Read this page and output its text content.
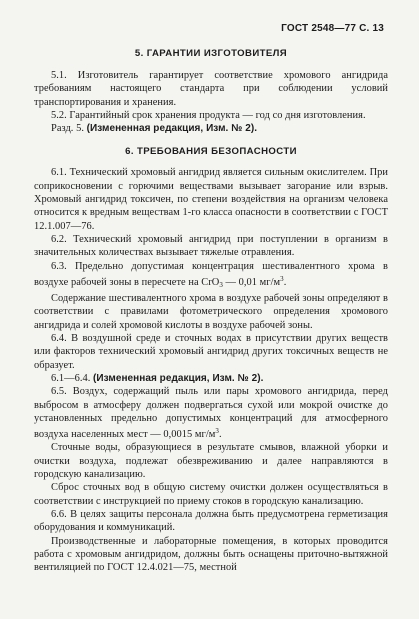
ГОСТ 2548—77 С. 13
5. ГАРАНТИИ ИЗГОТОВИТЕЛЯ

5.1. Изготовитель гарантирует соответствие хромового ангидрида требованиям настоящего стандарта при соблюдении условий транспортирования и хранения.

5.2. Гарантийный срок хранения продукта — год со дня изготовления.

Разд. 5. (Измененная редакция, Изм. № 2).

6. ТРЕБОВАНИЯ БЕЗОПАСНОСТИ

6.1. Технический хромовый ангидрид является сильным окислителем. При соприкосновении с горючими веществами вызывает загорание или взрыв. Хромовый ангидрид токсичен, по степени воздействия на организм человека относится к вредным веществам 1-го класса опасности в соответствии с ГОСТ 12.1.007—76.

6.2. Технический хромовый ангидрид при поступлении в организм в значительных количествах вызывает тяжелые отравления.

6.3. Предельно допустимая концентрация шестивалентного хрома в воздухе рабочей зоны в пересчете на CrO$_3$ — 0,01 $мг/м^3$.

Содержание шестивалентного хрома в воздухе рабочей зоны определяют в соответствии с правилами фотометрического определения хромового ангидрида и солей хромовой кислоты в воздухе рабочей зоны.

6.4. В воздушной среде и сточных водах в присутствии других веществ или факторов технический хромовый ангидрид других токсичных веществ не образует.

6.1—6.4. (Измененная редакция, Изм. № 2).

6.5. Воздух, содержащий пыль или пары хромового ангидрида, перед выбросом в атмосферу должен подвергаться сухой или мокрой очистке до установленных предельно допустимых концентраций для атмосферного воздуха населенных мест — 0,0015 $мг/м^3$.

Сточные воды, образующиеся в результате смывов, влажной уборки и очистки воздуха, подлежат обезвреживанию и далее направляются в городскую канализацию.

Сброс сточных вод в общую систему очистки должен осуществляться в соответствии с инструкцией по приему стоков в городскую канализацию.

6.6. В целях защиты персонала должна быть предусмотрена герметизация оборудования и коммуникаций.

Производственные и лабораторные помещения, в которых проводится работа с хромовым ангидридом, должны быть оснащены приточно-вытяжной вентиляцией по ГОСТ 12.4.021—75, местной
